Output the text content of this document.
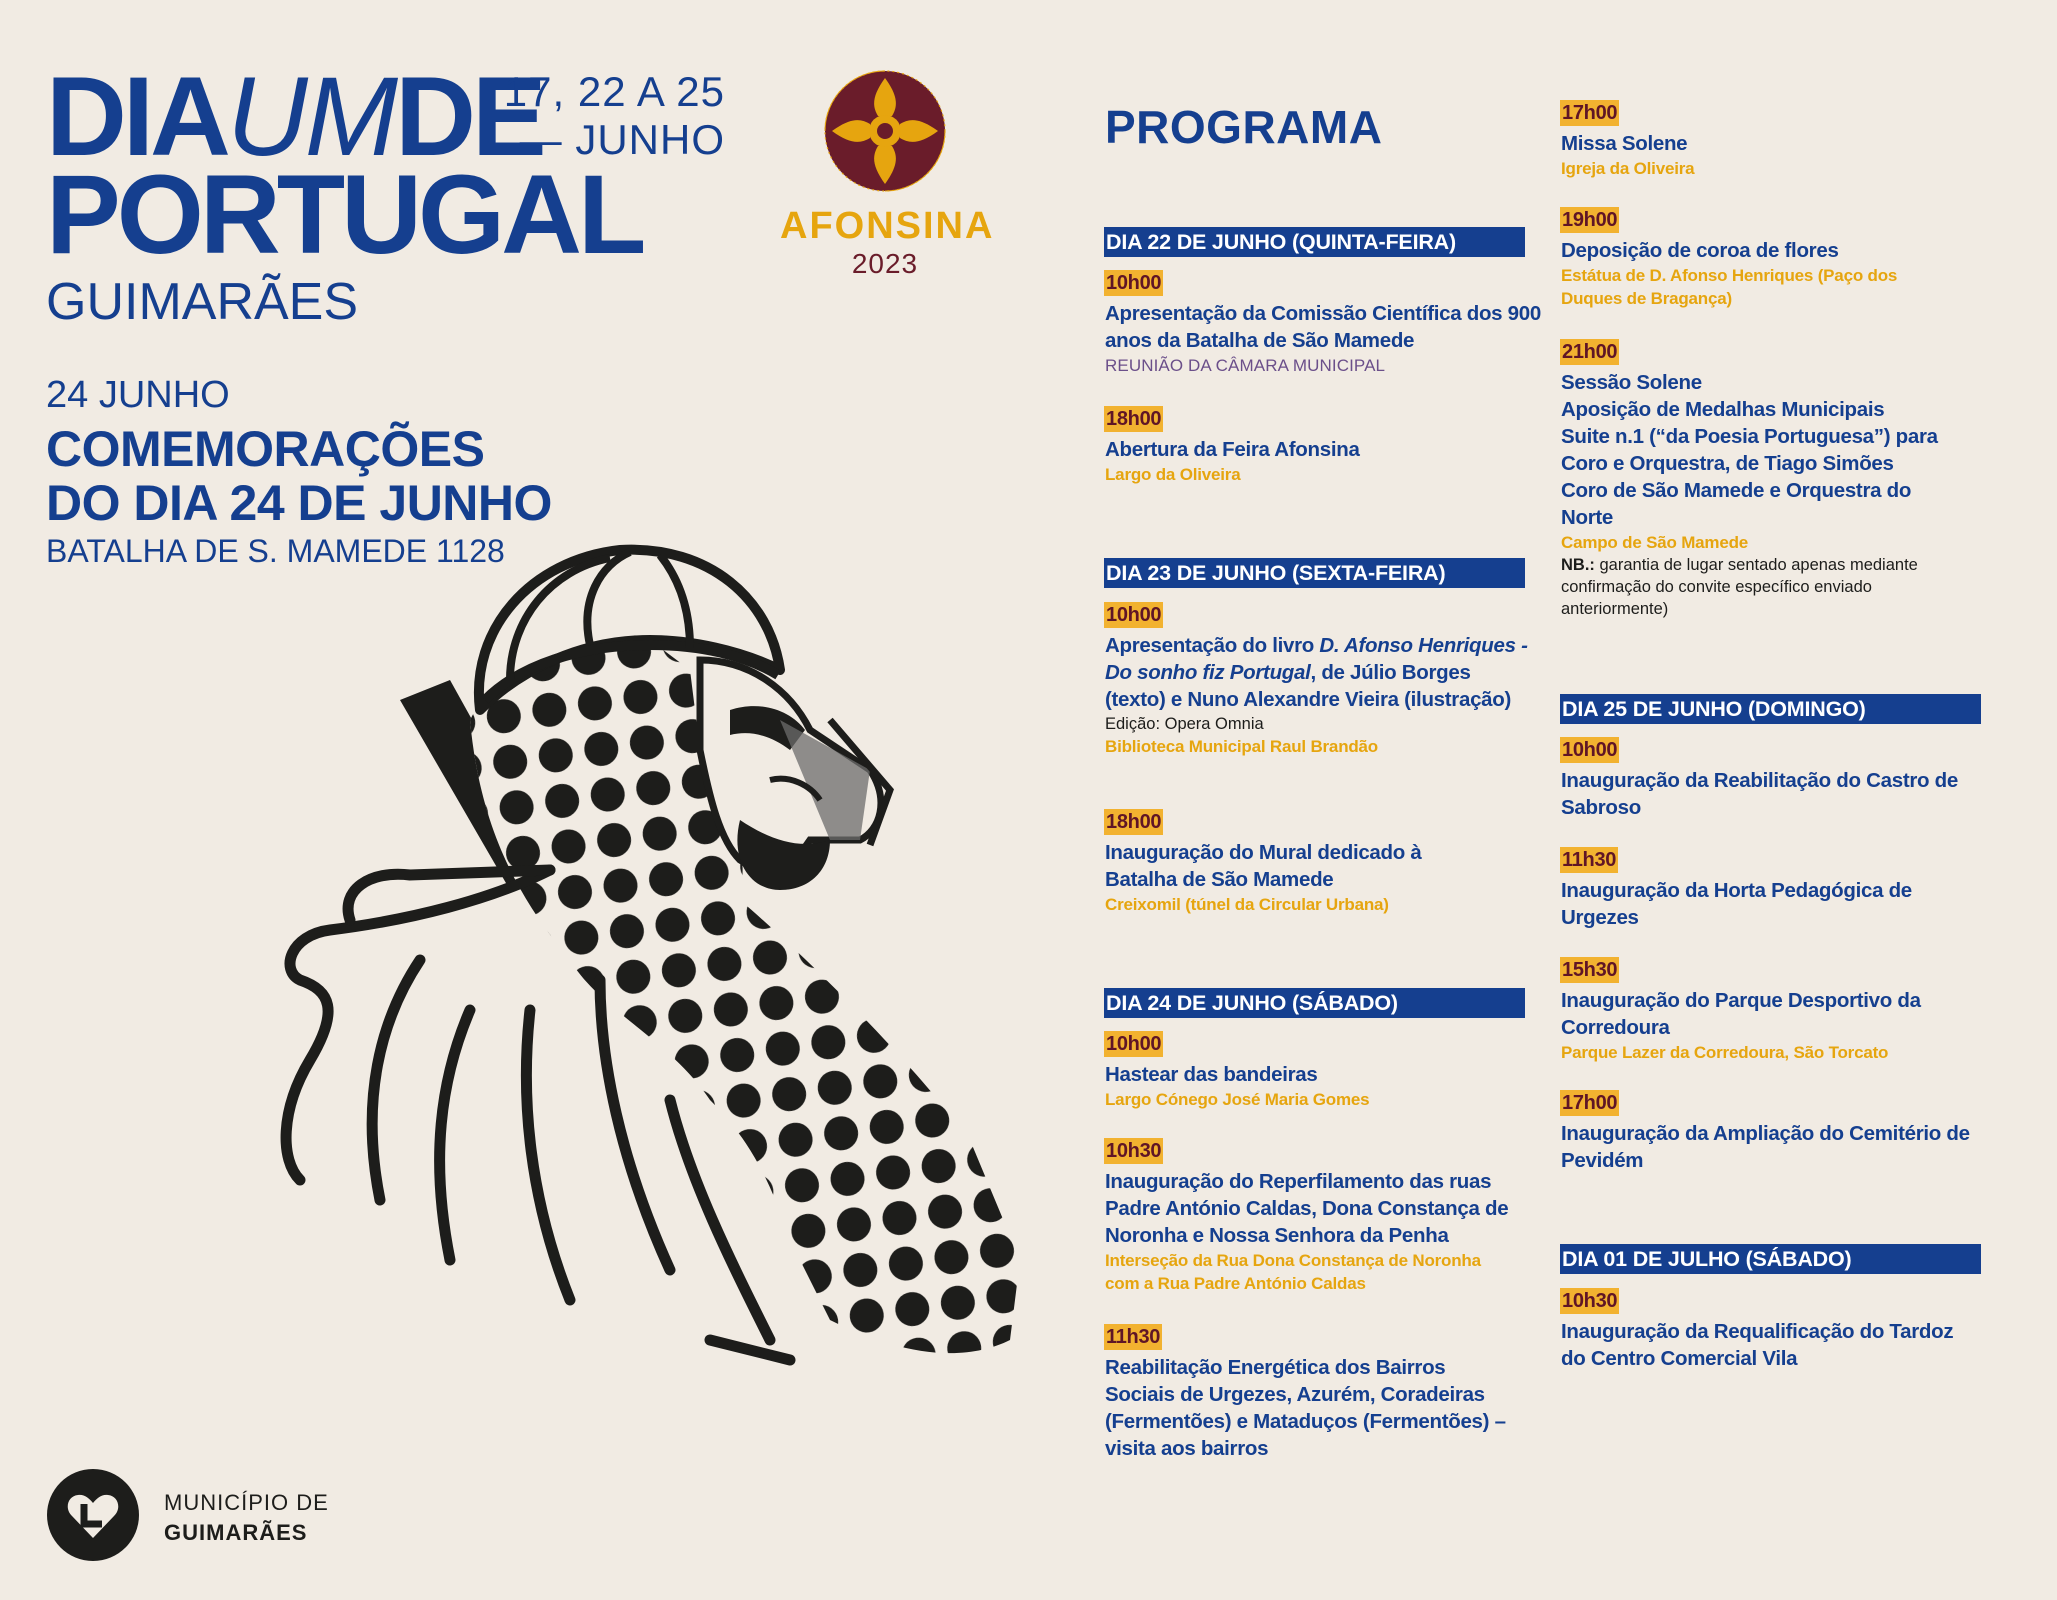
DIAUMDE
PORTUGAL
17, 22 A 25
— JUNHO
GUIMARÃES
24 JUNHO
COMEMORAÇÕES
DO DIA 24 DE JUNHO
BATALHA DE S. MAMEDE 1128
AFONSINA
2023
MUNICÍPIO DE
GUIMARÃES
PROGRAMA
DIA 22 DE JUNHO (QUINTA-FEIRA)
10h00
Apresentação da Comissão Científica dos 900 anos da Batalha de São Mamede
REUNIÃO DA CÂMARA MUNICIPAL
18h00
Abertura da Feira Afonsina
Largo da Oliveira
DIA 23 DE JUNHO (SEXTA-FEIRA)
10h00
Apresentação do livro D. Afonso Henriques - Do sonho fiz Portugal, de Júlio Borges (texto) e Nuno Alexandre Vieira (ilustração)
Edição: Opera Omnia
Biblioteca Municipal Raul Brandão
18h00
Inauguração do Mural dedicado à Batalha de São Mamede
Creixomil (túnel da Circular Urbana)
DIA 24 DE JUNHO (SÁBADO)
10h00
Hastear das bandeiras
Largo Cónego José Maria Gomes
10h30
Inauguração do Reperfilamento das ruas Padre António Caldas, Dona Constança de Noronha e Nossa Senhora da Penha
Interseção da Rua Dona Constança de Noronha com a Rua Padre António Caldas
11h30
Reabilitação Energética dos Bairros Sociais de Urgezes, Azurém, Coradeiras (Fermentões) e Mataduços (Fermentões) – visita aos bairros
17h00
Missa Solene
Igreja da Oliveira
19h00
Deposição de coroa de flores
Estátua de D. Afonso Henriques (Paço dos Duques de Bragança)
21h00
Sessão Solene
Aposição de Medalhas Municipais
Suite n.1 (“da Poesia Portuguesa”) para Coro e Orquestra, de Tiago Simões
Coro de São Mamede e Orquestra do Norte
Campo de São Mamede
NB.: garantia de lugar sentado apenas mediante confirmação do convite específico enviado anteriormente)
DIA 25 DE JUNHO (DOMINGO)
10h00
Inauguração da Reabilitação do Castro de Sabroso
11h30
Inauguração da Horta Pedagógica de Urgezes
15h30
Inauguração do Parque Desportivo da Corredoura
Parque Lazer da Corredoura, São Torcato
17h00
Inauguração da Ampliação do Cemitério de Pevidém
DIA 01 DE JULHO (SÁBADO)
10h30
Inauguração da Requalificação do Tardoz do Centro Comercial Vila
